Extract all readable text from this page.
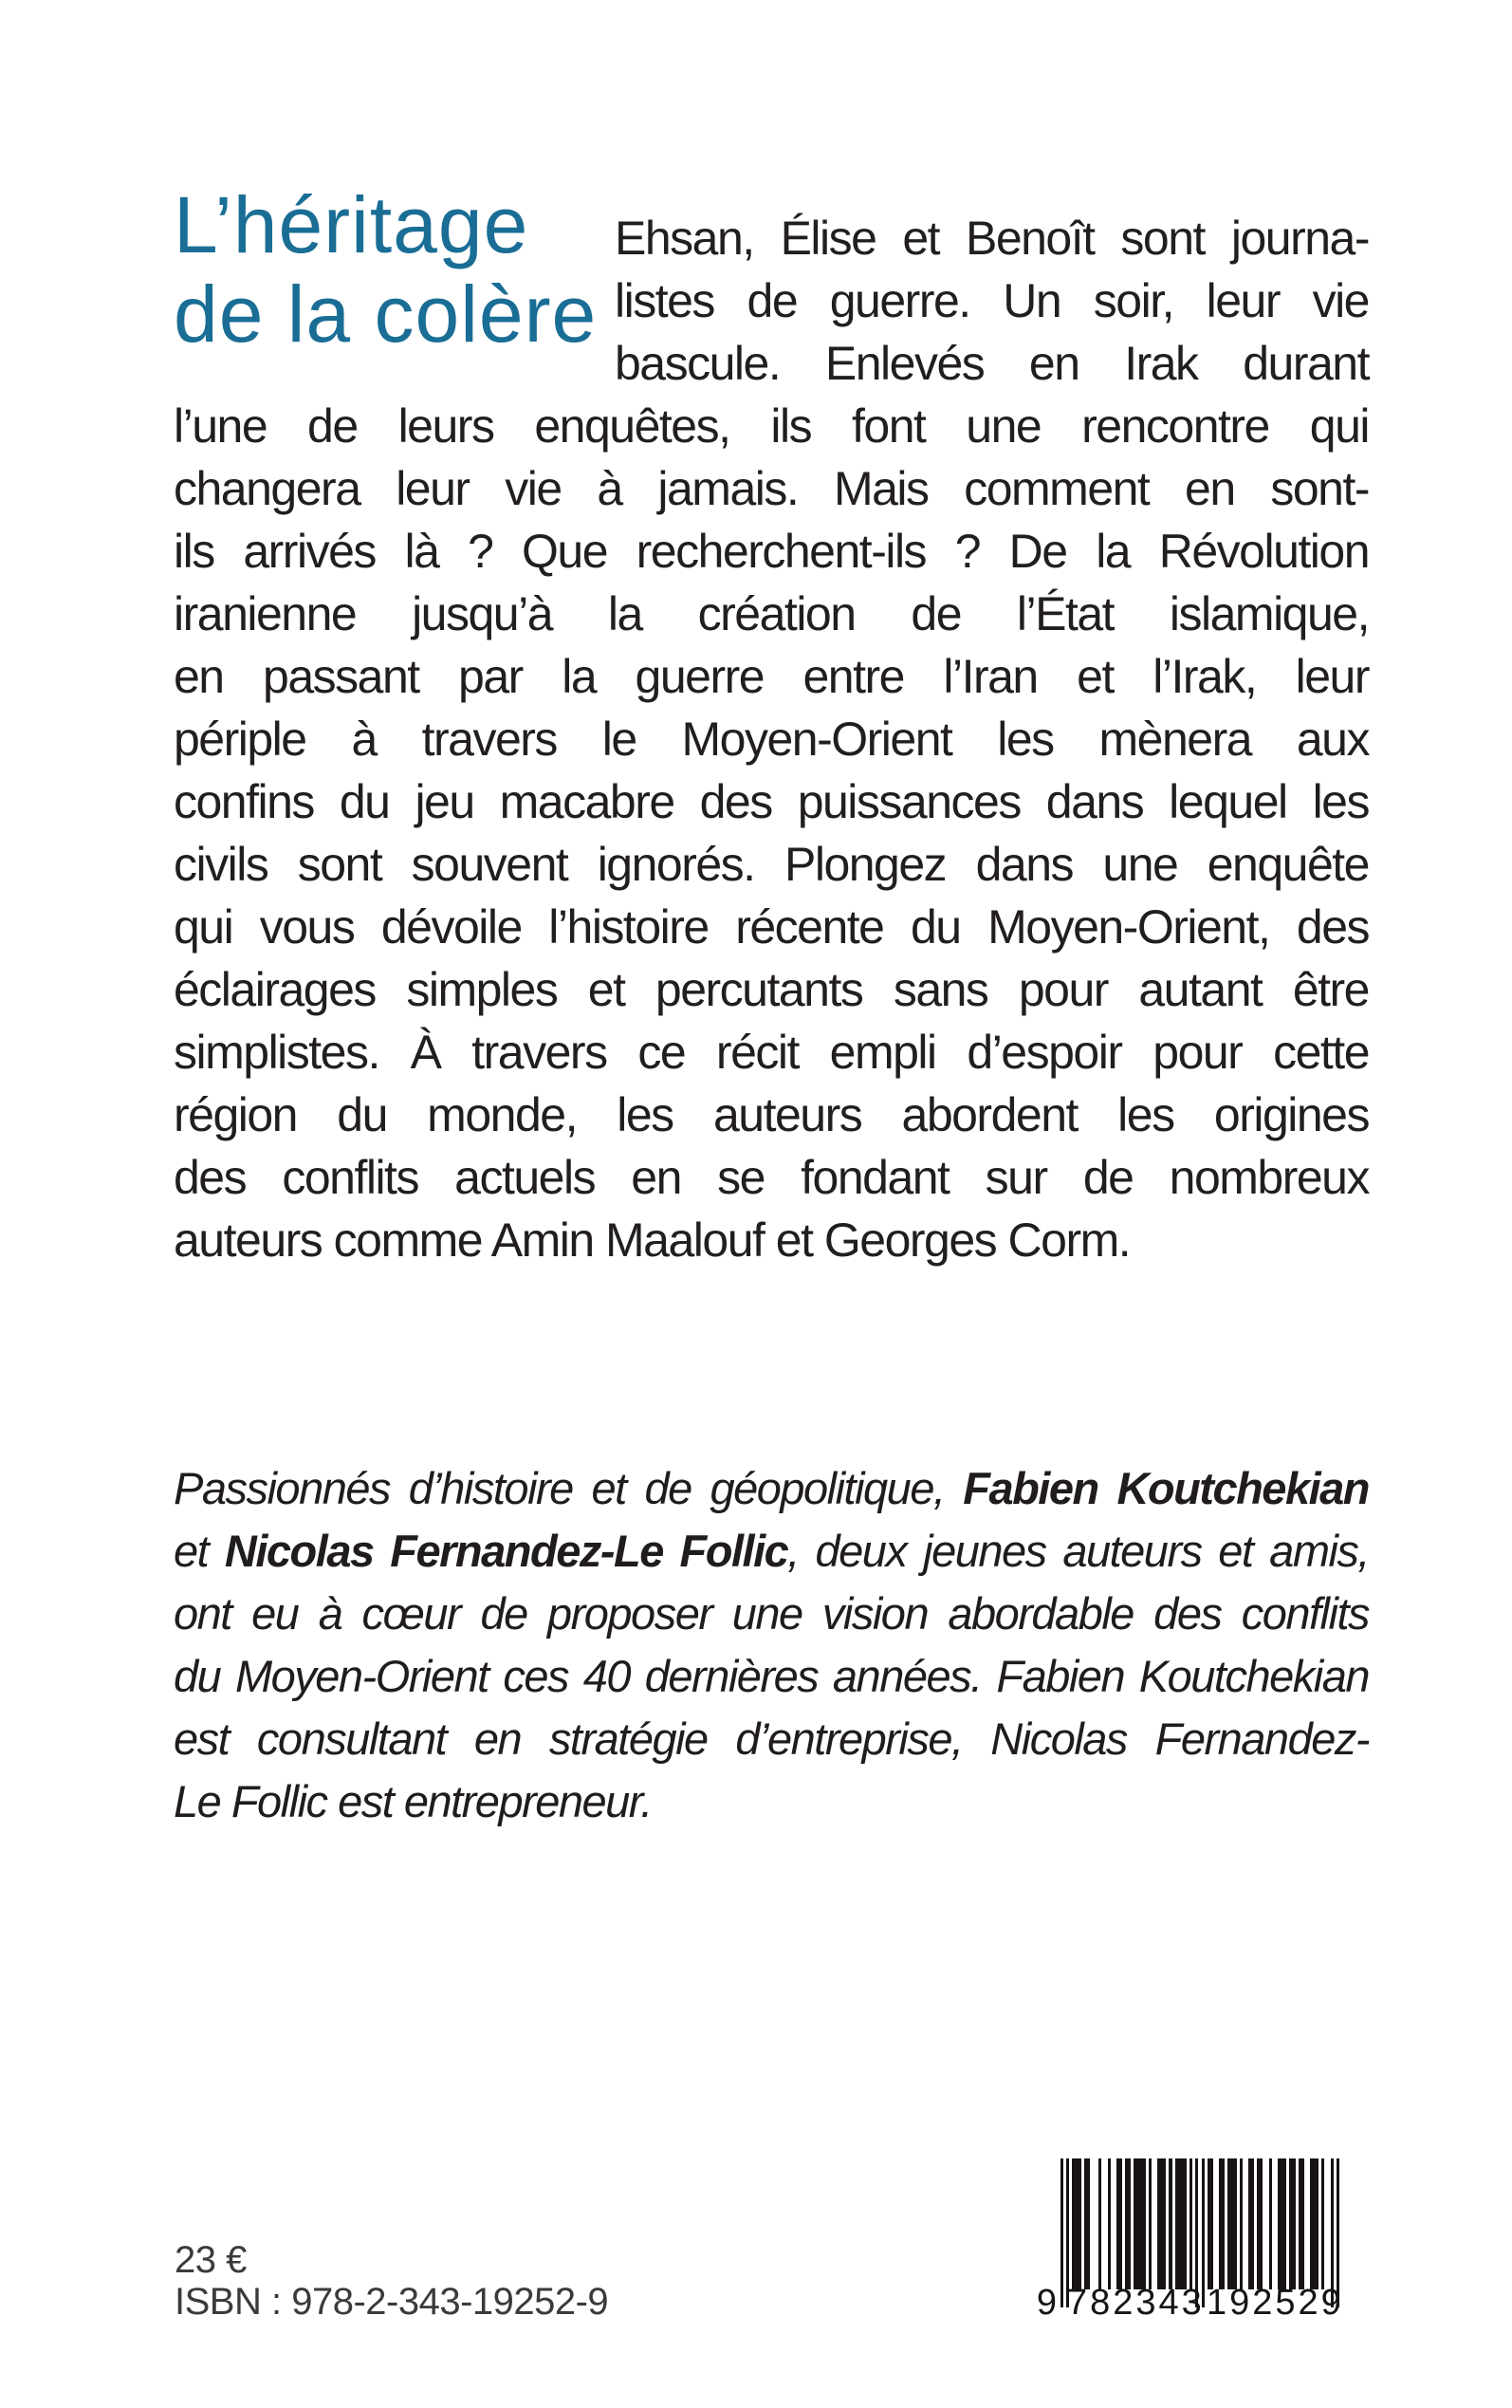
L’héritage
de la colère
Ehsan, Élise et Benoît sont journa-
listes de guerre. Un soir, leur vie
bascule. Enlevés en Irak durant
l’une de leurs enquêtes, ils font une rencontre qui
changera leur vie à jamais. Mais comment en sont-
ils arrivés là ? Que recherchent-ils ? De la Révolution
iranienne jusqu’à la création de l’État islamique,
en passant par la guerre entre l’Iran et l’Irak, leur
périple à travers le Moyen-Orient les mènera aux
confins du jeu macabre des puissances dans lequel les
civils sont souvent ignorés. Plongez dans une enquête
qui vous dévoile l’histoire récente du Moyen-Orient, des
éclairages simples et percutants sans pour autant être
simplistes. À travers ce récit empli d’espoir pour cette
région du monde, les auteurs abordent les origines
des conflits actuels en se fondant sur de nombreux
auteurs comme Amin Maalouf et Georges Corm.
Passionnés d’histoire et de géopolitique, Fabien Koutchekian
et Nicolas Fernandez-Le Follic, deux jeunes auteurs et amis,
ont eu à cœur de proposer une vision abordable des conflits
du Moyen-Orient ces 40 dernières années. Fabien Koutchekian
est consultant en stratégie d’entreprise, Nicolas Fernandez-
Le Follic est entrepreneur.
23 €
ISBN : 978-2-343-19252-9	9 782343 192529
